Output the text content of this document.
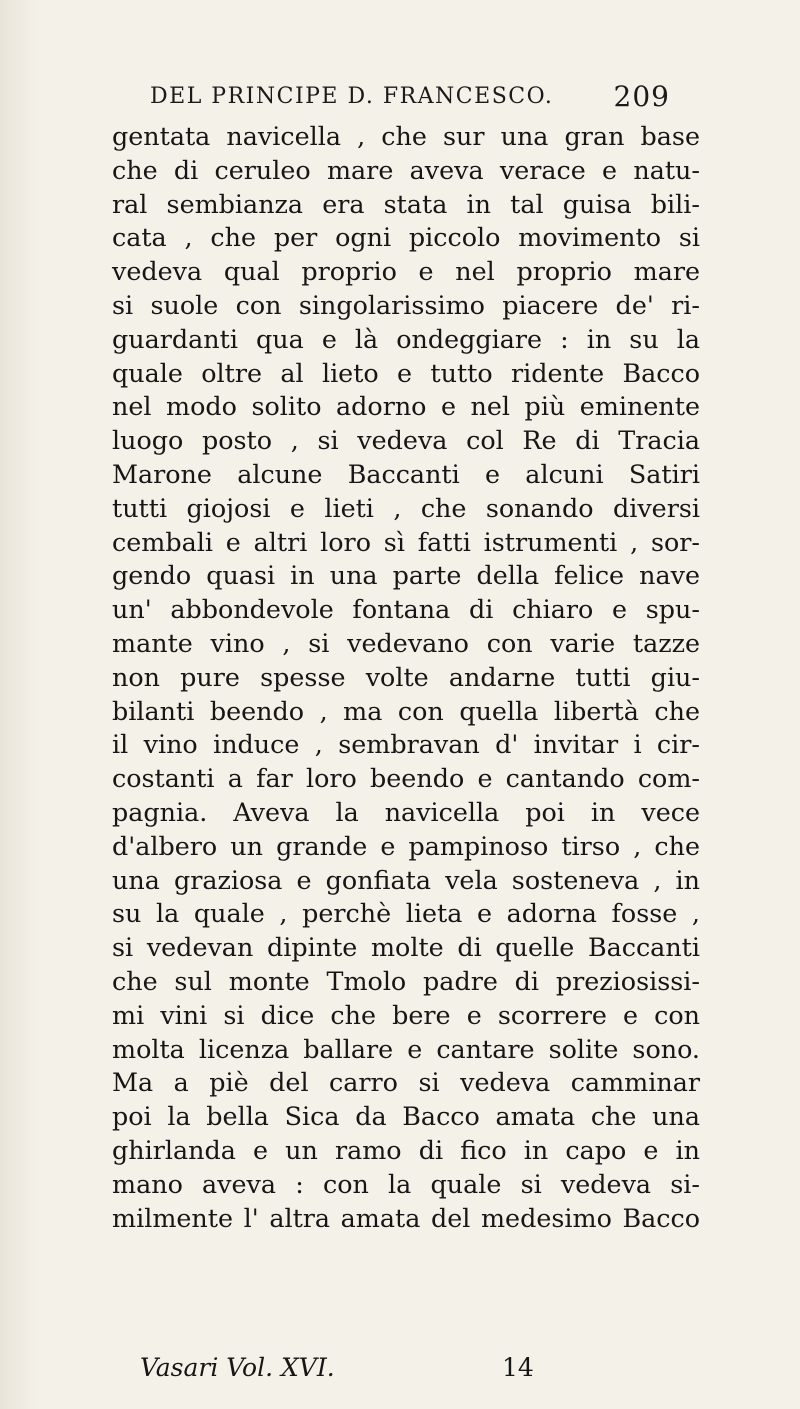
DEL PRINCIPE D. FRANCESCO. 209
gentata navicella , che sur una gran base
che di ceruleo mare aveva verace e natu-
ral sembianza era stata in tal guisa bili-
cata , che per ogni piccolo movimento si
vedeva qual proprio e nel proprio mare
si suole con singolarissimo piacere de' ri-
guardanti qua e là ondeggiare : in su la
quale oltre al lieto e tutto ridente Bacco
nel modo solito adorno e nel più eminente
luogo posto , si vedeva col Re di Tracia
Marone alcune Baccanti e alcuni Satiri
tutti giojosi e lieti , che sonando diversi
cembali e altri loro sì fatti istrumenti , sor-
gendo quasi in una parte della felice nave
un' abbondevole fontana di chiaro e spu-
mante vino , si vedevano con varie tazze
non pure spesse volte andarne tutti giu-
bilanti beendo , ma con quella libertà che
il vino induce , sembravan d' invitar i cir-
costanti a far loro beendo e cantando com-
pagnia. Aveva la navicella poi in vece
d'albero un grande e pampinoso tirso , che
una graziosa e gonfiata vela sosteneva , in
su la quale , perchè lieta e adorna fosse ,
si vedevan dipinte molte di quelle Baccanti
che sul monte Tmolo padre di preziosissi-
mi vini si dice che bere e scorrere e con
molta licenza ballare e cantare solite sono.
Ma a piè del carro si vedeva camminar
poi la bella Sica da Bacco amata che una
ghirlanda e un ramo di fico in capo e in
mano aveva : con la quale si vedeva si-
milmente l' altra amata del medesimo Bacco
Vasari Vol. XVI.	14
